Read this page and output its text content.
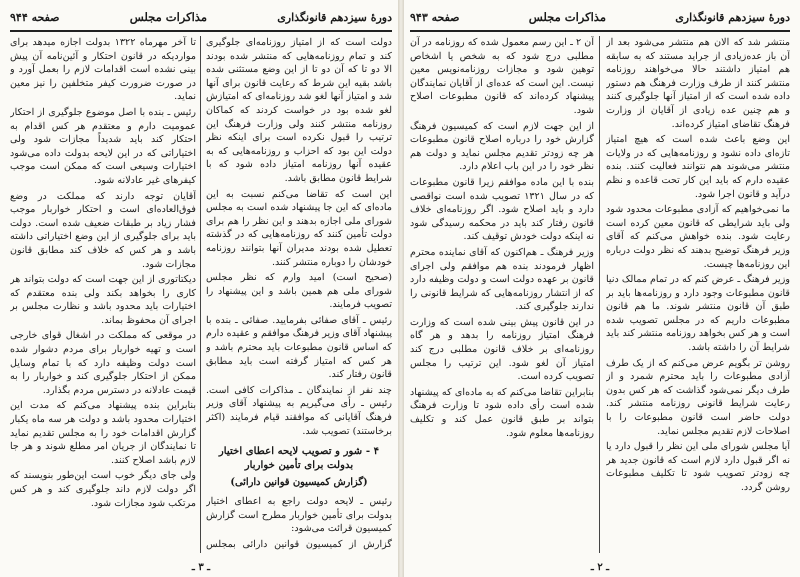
دورهٔ سیزدهم قانونگذاری
مذاکرات مجلس
صفحه ۹۴۴

دولت است که از امتیاز روزنامه‌ای جلوگیری کند و تمام روزنامه‌هایی که منتشر شده بودند الا دو تا که آن دو تا از این وضع مستثنی شده باشد بقیه این شرط که رعایت قانون برای آنها شد و امتیاز آنها لغو شد روزنامه‌ای که امتیازش لغو شده بود در خواست کردند که کماکان روزنامه منتشر کنند ولی وزارت فرهنگ این ترتیب را قبول نکرده است برای اینکه نظر دولت این بود که احزاب و روزنامه‌هایی که به عقیده آنها روزنامه امتیاز داده شود که با شرایط قانون مطابق باشد.

این است که تقاضا می‌کنم نسبت به این ماده‌ای که این جا پیشنهاد شده است به مجلس شورای ملی اجازه بدهند و این نظر را هم برای دولت تأمین کنند که روزنامه‌هایی که در گذشته تعطیل شده بودند مدیران آنها بتوانند روزنامه خودشان را دوباره منتشر کنند.

(صحیح است) امید وارم که نظر مجلس شورای ملی هم همین باشد و این پیشنهاد را تصویب فرمایند.

رئیس ـ آقای صفائی بفرمایید. صفائی ـ بنده با پیشنهاد آقای وزیر فرهنگ موافقم و عقیده دارم که اساس قانون مطبوعات باید محترم باشد و هر کس که امتیاز گرفته است باید مطابق قانون رفتار کند.

چند نفر از نمایندگان ـ مذاکرات کافی است. رئیس ـ رأی می‌گیریم به پیشنهاد آقای وزیر فرهنگ آقایانی که موافقند قیام فرمایند (اکثر برخاستند) تصویب شد.

۴ - شور و تصویب لایحه اعطای اختیار بدولت برای تأمین خواربار
(گزارش کمیسیون قوانین دارائی)

رئیس ـ لایحه دولت راجع به اعطای اختیار بدولت برای تأمین خواربار مطرح است گزارش کمیسیون قرائت می‌شود:

گزارش از کمیسیون قوانین دارائی بمجلس

تا آخر مهرماه ۱۳۲۲ بدولت اجازه میدهد برای مواردیکه در قانون احتکار و آئین‌نامه آن پیش بینی نشده است اقدامات لازم را بعمل آورد و در صورت ضرورت کیفر متخلفین را نیز معین نماید.

رئیس ـ بنده با اصل موضوع جلوگیری از احتکار عمومیت دارم و معتقدم هر کس اقدام به احتکار کند باید شدیداً مجازات شود ولی اختیاراتی که در این لایحه بدولت داده می‌شود اختیارات وسیعی است که ممکن است موجب کیفرهای غیر عادلانه شود.

آقایان توجه دارند که مملکت در وضع فوق‌العاده‌ای است و احتکار خواربار موجب فشار زیاد بر طبقات ضعیف شده است. دولت باید برای جلوگیری از این وضع اختیاراتی داشته باشد و هر کس که خلاف کند مطابق قانون مجازات شود.

دیکتاتوری از این جهت است که دولت بتواند هر کاری را بخواهد بکند ولی بنده معتقدم که اختیارات باید محدود باشد و نظارت مجلس بر اجرای آن محفوظ بماند.

در موقعی که مملکت در اشغال قوای خارجی است و تهیه خواربار برای مردم دشوار شده است دولت وظیفه دارد که با تمام وسایل ممکن از احتکار جلوگیری کند و خواربار را به قیمت عادلانه در دسترس مردم بگذارد.

بنابراین بنده پیشنهاد می‌کنم که مدت این اختیارات محدود باشد و دولت هر سه ماه یکبار گزارش اقدامات خود را به مجلس تقدیم نماید تا نمایندگان از جریان امر مطلع شوند و هر جا لازم باشد اصلاح کنند.

ولی جای دیگر خوب است این‌طور بنویسند که اگر دولت لازم داند جلوگیری کند و هر کس مرتکب شود مجازات شود.

ـ ۳ ـ
دورهٔ سیزدهم قانونگذاری
مذاکرات مجلس
صفحه ۹۴۳

منتشر شد که الان هم منتشر می‌شود بعد از آن باز عده‌زیادی از جراید مستند که به سابقه هم امتیاز داشتند حالا می‌خواهند روزنامه منتشر کنند از طرف وزارت فرهنگ هم دستور داده شده است که از امتیاز آنها جلوگیری کنند و هم چنین عده زیادی از آقایان از وزارت فرهنگ تقاضای امتیاز کرده‌اند.

این وضع باعث شده است که هیچ امتیاز تازه‌ای داده نشود و روزنامه‌هایی که در ولایات منتشر می‌شوند هم نتوانند فعالیت کنند. بنده عقیده دارم که باید این کار تحت قاعده و نظم درآید و قانون اجرا شود.

ما نمی‌خواهیم که آزادی مطبوعات محدود شود ولی باید شرایطی که قانون معین کرده است رعایت شود. بنده خواهش می‌کنم که آقای وزیر فرهنگ توضیح بدهند که نظر دولت درباره این روزنامه‌ها چیست.

وزیر فرهنگ ـ عرض کنم که در تمام ممالک دنیا قانون مطبوعات وجود دارد و روزنامه‌ها باید بر طبق آن قانون منتشر شوند. ما هم قانون مطبوعات داریم که در مجلس تصویب شده است و هر کس بخواهد روزنامه منتشر کند باید شرایط آن را داشته باشد.

روشن تر بگویم عرض می‌کنم که از یک طرف آزادی مطبوعات را باید محترم شمرد و از طرف دیگر نمی‌شود گذاشت که هر کس بدون رعایت شرایط قانونی روزنامه منتشر کند. دولت حاضر است قانون مطبوعات را با اصلاحات لازم تقدیم مجلس نماید.

آیا مجلس شورای ملی این نظر را قبول دارد یا نه اگر قبول دارد لازم است که قانون جدید هر چه زودتر تصویب شود تا تکلیف مطبوعات روشن گردد.

آن ۲ ـ این رسم معمول شده که روزنامه در آن مطلبی درج شود که به شخص یا اشخاص توهین شود و مجازات روزنامه‌نویس معین نیست. این است که عده‌ای از آقایان نمایندگان پیشنهاد کرده‌اند که قانون مطبوعات اصلاح شود.

از این جهت لازم است که کمیسیون فرهنگ گزارش خود را درباره اصلاح قانون مطبوعات هر چه زودتر تقدیم مجلس نماید و دولت هم نظر خود را در این باب اعلام دارد.

بنده با این ماده موافقم زیرا قانون مطبوعات که در سال ۱۳۲۱ تصویب شده است نواقصی دارد و باید اصلاح شود. اگر روزنامه‌ای خلاف قانون رفتار کند باید در محکمه رسیدگی شود نه اینکه دولت خودش توقیف کند.

وزیر فرهنگ ـ هم‌اکنون که آقای نماینده محترم اظهار فرمودند بنده هم موافقم ولی اجرای قانون بر عهده دولت است و دولت وظیفه دارد که از انتشار روزنامه‌هایی که شرایط قانونی را ندارند جلوگیری کند.

در این قانون پیش بینی شده است که وزارت فرهنگ امتیاز روزنامه را بدهد و هر گاه روزنامه‌ای بر خلاف قانون مطلبی درج کند امتیاز آن لغو شود. این ترتیب را مجلس تصویب کرده است.

بنابراین تقاضا می‌کنم که به ماده‌ای که پیشنهاد شده است رأی داده شود تا وزارت فرهنگ بتواند بر طبق قانون عمل کند و تکلیف روزنامه‌ها معلوم شود.

ـ ۲ ـ
